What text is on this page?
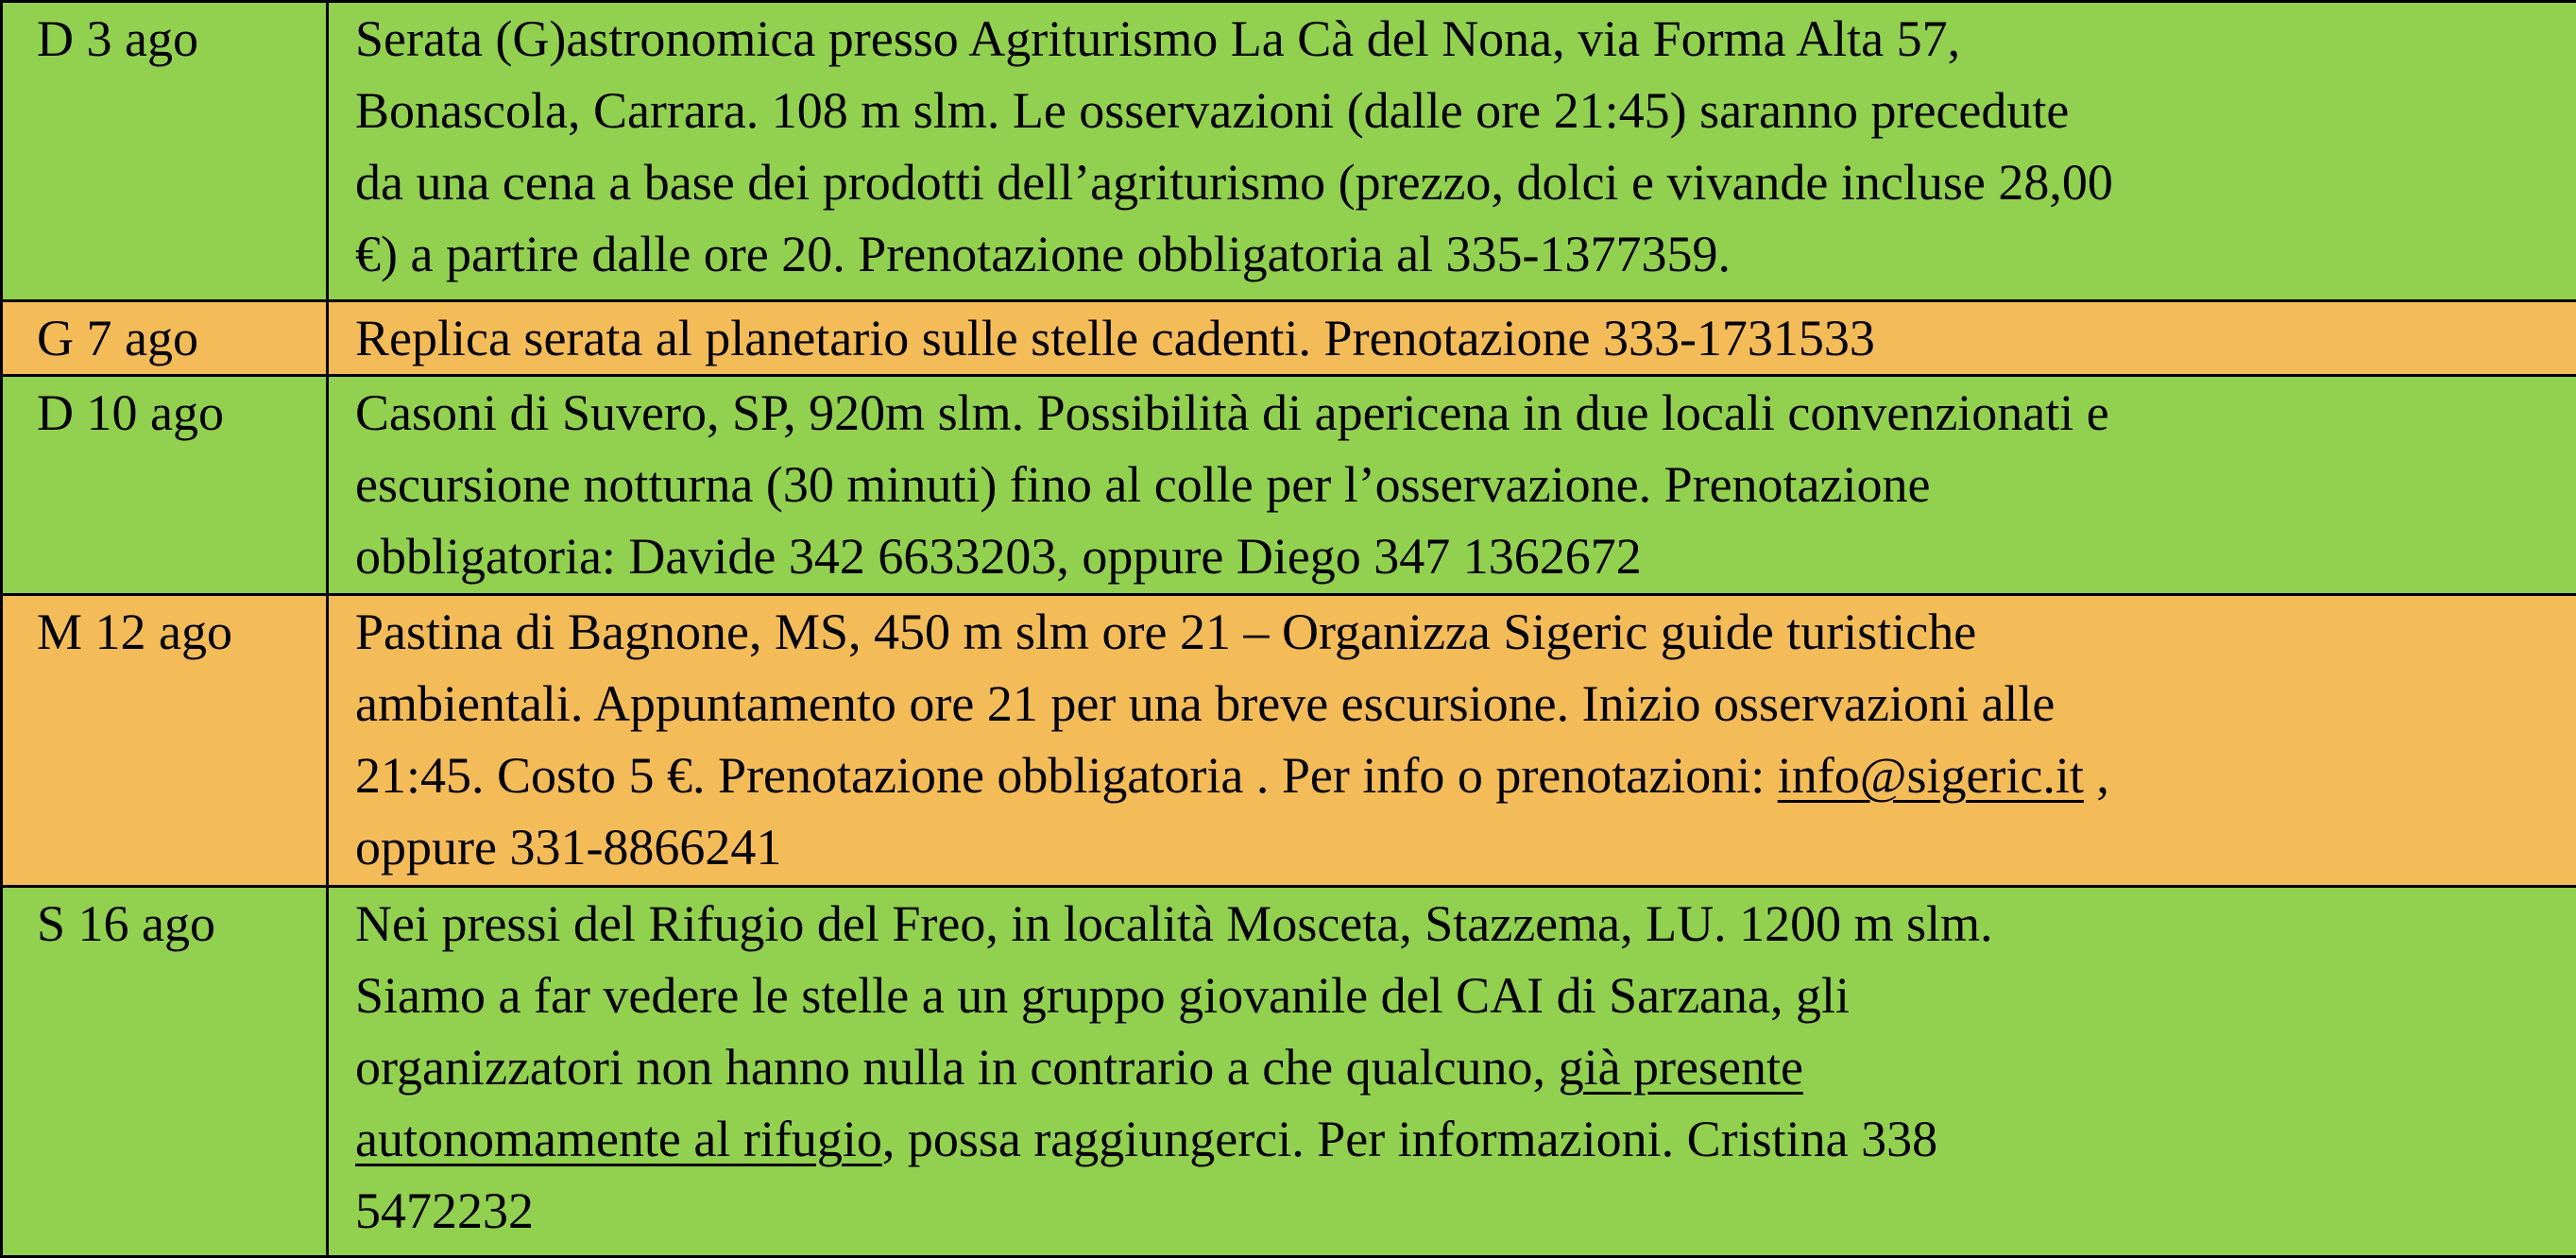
D 3 ago	Serata (G)astronomica presso Agriturismo La Cà del Nona, via Forma Alta 57,
Bonascola, Carrara. 108 m slm. Le osservazioni (dalle ore 21:45) saranno precedute
da una cena a base dei prodotti dell’agriturismo (prezzo, dolci e vivande incluse 28,00
€) a partire dalle ore 20. Prenotazione obbligatoria al 335-1377359.

G 7 ago	Replica serata al planetario sulle stelle cadenti. Prenotazione 333-1731533

D 10 ago	Casoni di Suvero, SP, 920m slm. Possibilità di apericena in due locali convenzionati e
escursione notturna (30 minuti) fino al colle per l’osservazione. Prenotazione
obbligatoria: Davide 342 6633203, oppure Diego 347 1362672

M 12 ago	Pastina di Bagnone, MS, 450 m slm ore 21 – Organizza Sigeric guide turistiche
ambientali. Appuntamento ore 21 per una breve escursione. Inizio osservazioni alle
21:45. Costo 5 €. Prenotazione obbligatoria . Per info o prenotazioni: info@sigeric.it ,
oppure 331-8866241

S 16 ago	Nei pressi del Rifugio del Freo, in località Mosceta, Stazzema, LU. 1200 m slm.
Siamo a far vedere le stelle a un gruppo giovanile del CAI di Sarzana, gli
organizzatori non hanno nulla in contrario a che qualcuno, già presente
autonomamente al rifugio, possa raggiungerci. Per informazioni. Cristina 338
5472232
